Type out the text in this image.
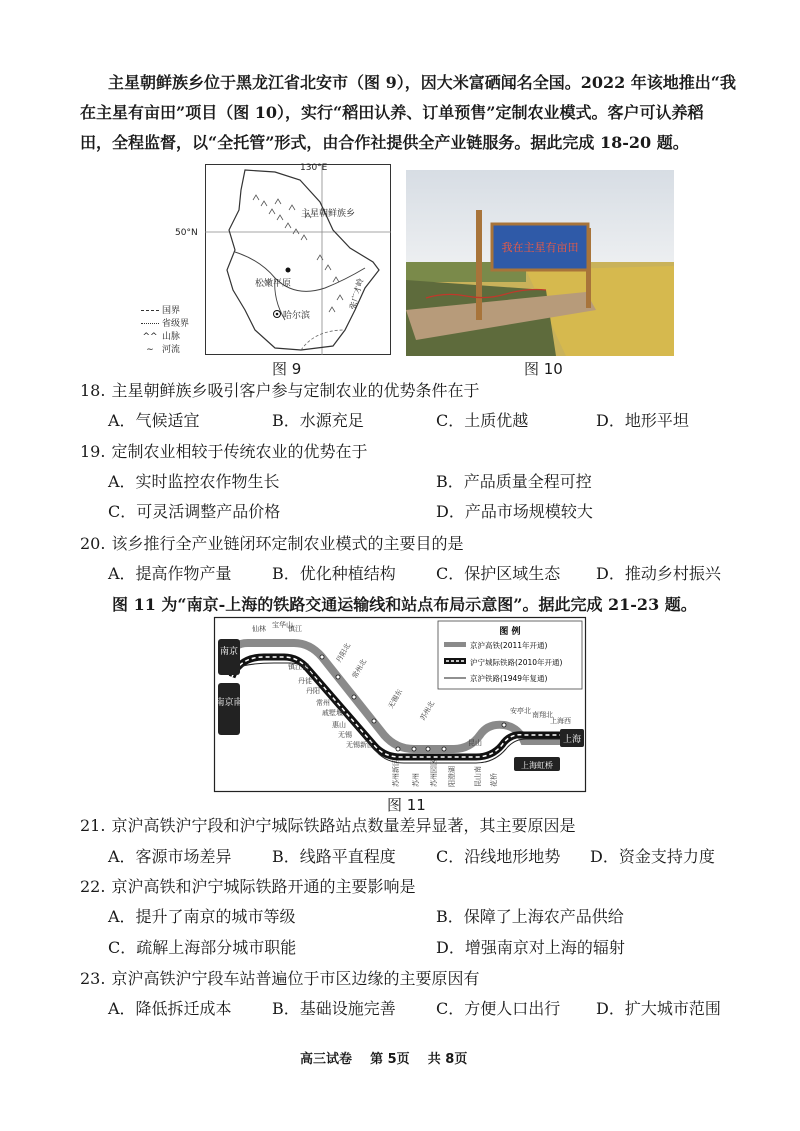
主星朝鲜族乡位于黑龙江省北安市（图 9），因大米富硒闻名全国。2022 年该地推出“我
在主星有亩田”项目（图 10），实行“稻田认养、订单预售”定制农业模式。客户可认养稻
田，全程监督，以“全托管”形式，由合作社提供全产业链服务。据此完成 18-20 题。
130°E
50°N
主星朝鲜族乡
松嫩平原
哈尔滨
张广才岭
国界
省级界
^^ 山脉
∼ 河流
图 9
我在主星有亩田
图 10
18. 主星朝鲜族乡吸引客户参与定制农业的优势条件在于
A．气候适宜	B．水源充足	C．土质优越	D．地形平坦
19. 定制农业相较于传统农业的优势在于
A．实时监控农作物生长	B．产品质量全程可控
C．可灵活调整产品价格	D．产品市场规模较大
20. 该乡推行全产业链闭环定制农业模式的主要目的是
A．提高作物产量	B．优化种植结构	C．保护区域生态 D．推动乡村振兴
图 11 为“南京-上海的铁路交通运输线和站点布局示意图”。据此完成 21-23 题。
图 例
京沪高铁(2011年开通)
沪宁城际铁路(2010年开通)
京沪铁路(1949年复通)
南京
南京南
上海
上海虹桥
仙林 宝华山
镇江
丹阳北
常州北
无锡东
苏州北	安亭北 南翔北
上海西
镇江南
丹徒
丹阳
常州
戚墅堰
惠山
无锡
无锡新区
苏州新区 苏州 苏州园区 阳澄湖
昆山
昆山南 花桥
图 11
21. 京沪高铁沪宁段和沪宁城际铁路站点数量差异显著，其主要原因是
A．客源市场差异	B．线路平直程度	C．沿线地形地势 D．资金支持力度
22. 京沪高铁和沪宁城际铁路开通的主要影响是
A．提升了南京的城市等级	B．保障了上海农产品供给
C．疏解上海部分城市职能	D．增强南京对上海的辐射
23. 京沪高铁沪宁段车站普遍位于市区边缘的主要原因有
A．降低拆迁成本	B．基础设施完善	C．方便人口出行 D．扩大城市范围
高三试卷    第 5页    共 8页
